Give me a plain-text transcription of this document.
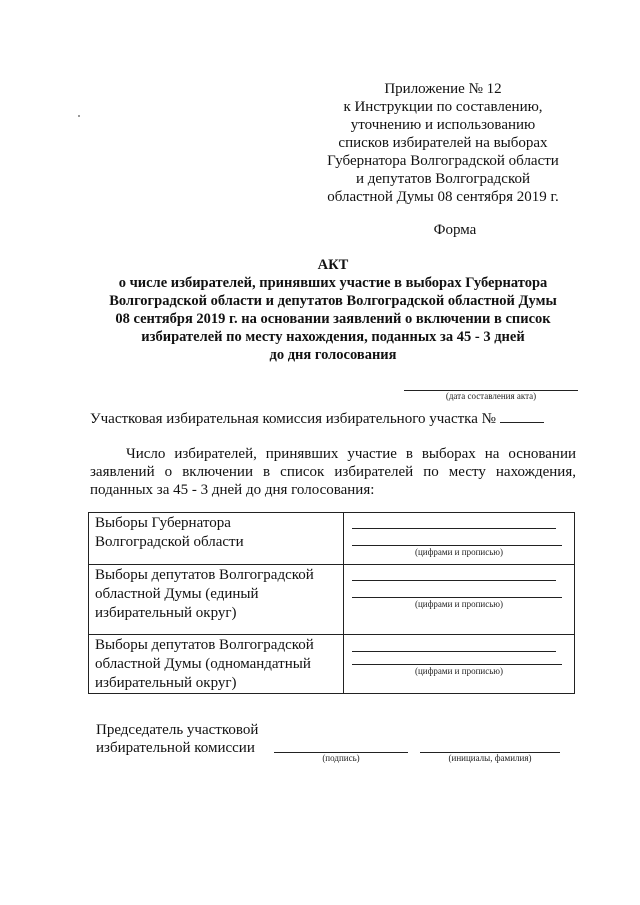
Приложение № 12
к Инструкции по составлению,
уточнению и использованию
списков избирателей на выборах
Губернатора Волгоградской области
и депутатов Волгоградской
областной Думы 08 сентября 2019 г.
Форма
АКТ
о числе избирателей, принявших участие в выборах Губернатора
Волгоградской области и депутатов Волгоградской областной Думы
08 сентября 2019 г. на основании заявлений о включении в список
избирателей по месту нахождения, поданных за 45 - 3 дней
до дня голосования
(дата составления акта)
Участковая избирательная комиссия избирательного участка №
Число избирателей, принявших участие в выборах на основании
заявлений о включении в список избирателей по месту нахождения,
поданных за 45 - 3 дней до дня голосования:
Выборы Губернатора
Волгоградской области	(цифрами и прописью)

Выборы депутатов Волгоградской
областной Думы (единый
избирательный округ)	(цифрами и прописью)

Выборы депутатов Волгоградской
областной Думы (одномандатный
избирательный округ)	(цифрами и прописью)
Председатель участковой
избирательной комиссии
(подпись)	(инициалы, фамилия)
